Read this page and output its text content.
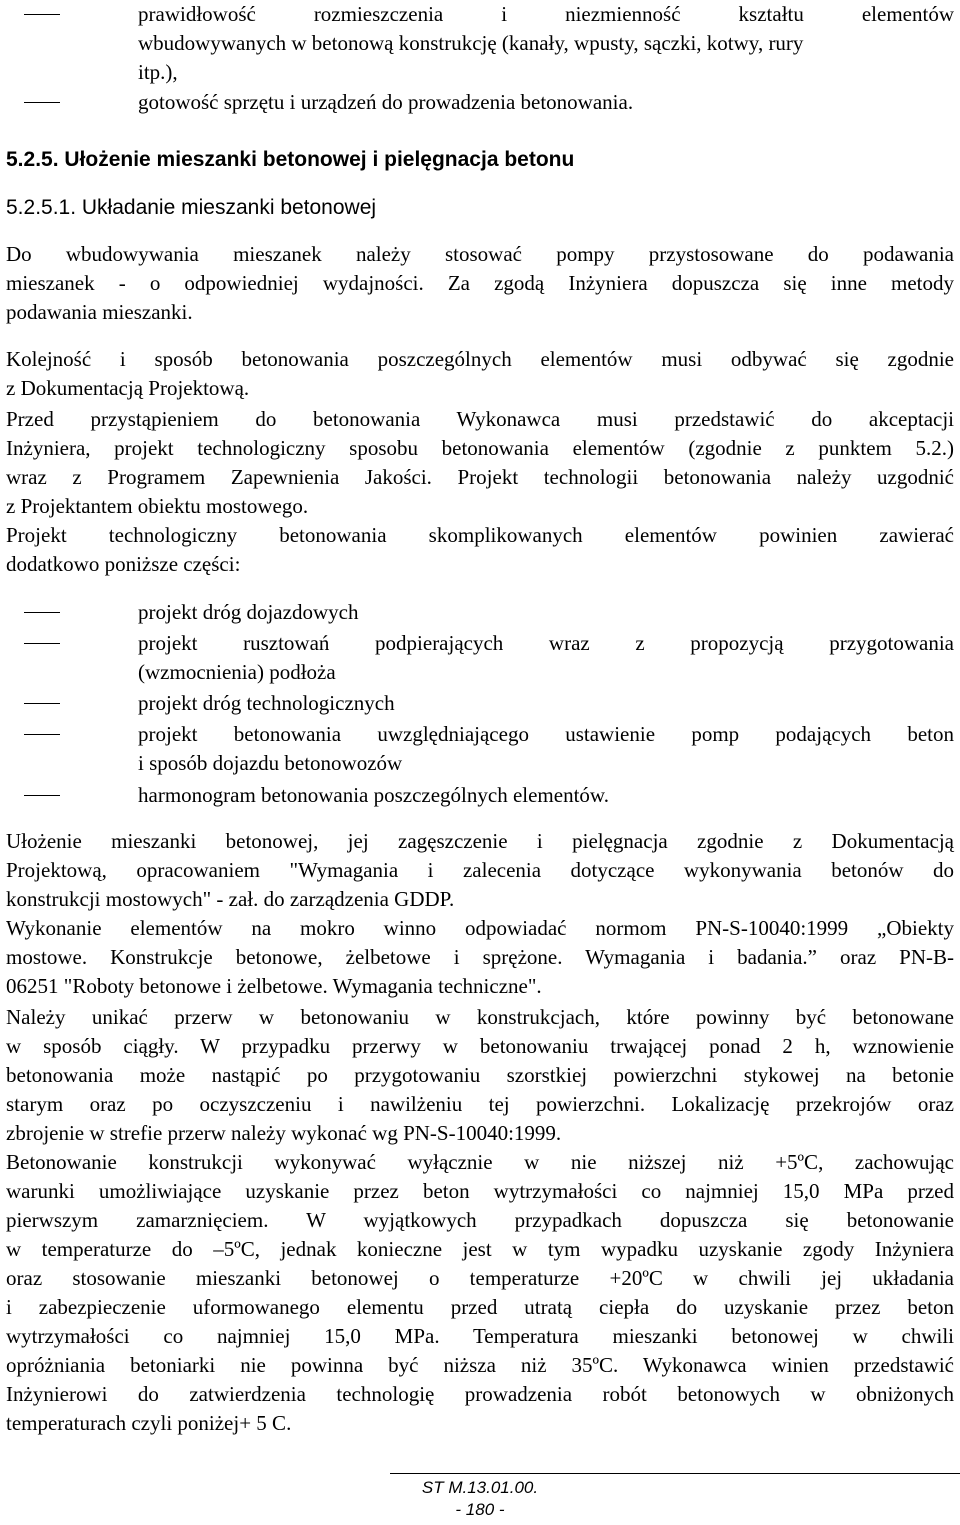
prawidłowość rozmieszczenia i niezmienność kształtu elementów
wbudowywanych w betonową konstrukcję (kanały, wpusty, sączki, kotwy, rury
itp.),
gotowość sprzętu i urządzeń do prowadzenia betonowania.
5.2.5. Ułożenie mieszanki betonowej i pielęgnacja betonu
5.2.5.1. Układanie mieszanki betonowej
Do wbudowywania mieszanek należy stosować pompy przystosowane do podawania
mieszanek - o odpowiedniej wydajności. Za zgodą Inżyniera dopuszcza się inne metody
podawania mieszanki.
Kolejność i sposób betonowania poszczególnych elementów musi odbywać się zgodnie
z Dokumentacją Projektową.
Przed przystąpieniem do betonowania Wykonawca musi przedstawić do akceptacji
Inżyniera, projekt technologiczny sposobu betonowania elementów (zgodnie z punktem 5.2.)
wraz z Programem Zapewnienia Jakości. Projekt technologii betonowania należy uzgodnić
z Projektantem obiektu mostowego.
Projekt technologiczny betonowania skomplikowanych elementów powinien zawierać
dodatkowo poniższe części:
projekt dróg dojazdowych
projekt rusztowań podpierających wraz z propozycją przygotowania
(wzmocnienia) podłoża
projekt dróg technologicznych
projekt betonowania uwzględniającego ustawienie pomp podających beton
i sposób dojazdu betonowozów
harmonogram betonowania poszczególnych elementów.
Ułożenie mieszanki betonowej, jej zagęszczenie i pielęgnacja zgodnie z Dokumentacją
Projektową, opracowaniem "Wymagania i zalecenia dotyczące wykonywania betonów do
konstrukcji mostowych" - zał. do zarządzenia GDDP.
Wykonanie elementów na mokro winno odpowiadać normom PN-S-10040:1999 „Obiekty
mostowe. Konstrukcje betonowe, żelbetowe i sprężone. Wymagania i badania.” oraz PN-B-
06251 "Roboty betonowe i żelbetowe. Wymagania techniczne".
Należy unikać przerw w betonowaniu w konstrukcjach, które powinny być betonowane
w sposób ciągły. W przypadku przerwy w betonowaniu trwającej ponad 2 h, wznowienie
betonowania może nastąpić po przygotowaniu szorstkiej powierzchni stykowej na betonie
starym oraz po oczyszczeniu i nawilżeniu tej powierzchni. Lokalizację przekrojów oraz
zbrojenie w strefie przerw należy wykonać wg PN-S-10040:1999.
Betonowanie konstrukcji wykonywać wyłącznie w nie niższej niż +5ºC, zachowując
warunki umożliwiające uzyskanie przez beton wytrzymałości co najmniej 15,0 MPa przed
pierwszym zamarznięciem. W wyjątkowych przypadkach dopuszcza się betonowanie
w temperaturze do –5ºC, jednak konieczne jest w tym wypadku uzyskanie zgody Inżyniera
oraz stosowanie mieszanki betonowej o temperaturze +20ºC w chwili jej układania
i zabezpieczenie uformowanego elementu przed utratą ciepła do uzyskanie przez beton
wytrzymałości co najmniej 15,0 MPa. Temperatura mieszanki betonowej w chwili
opróżniania betoniarki nie powinna być niższa niż 35ºC. Wykonawca winien przedstawić
Inżynierowi do zatwierdzenia technologię prowadzenia robót betonowych w obniżonych
temperaturach czyli poniżej+ 5 C.
ST M.13.01.00.
- 180 -
